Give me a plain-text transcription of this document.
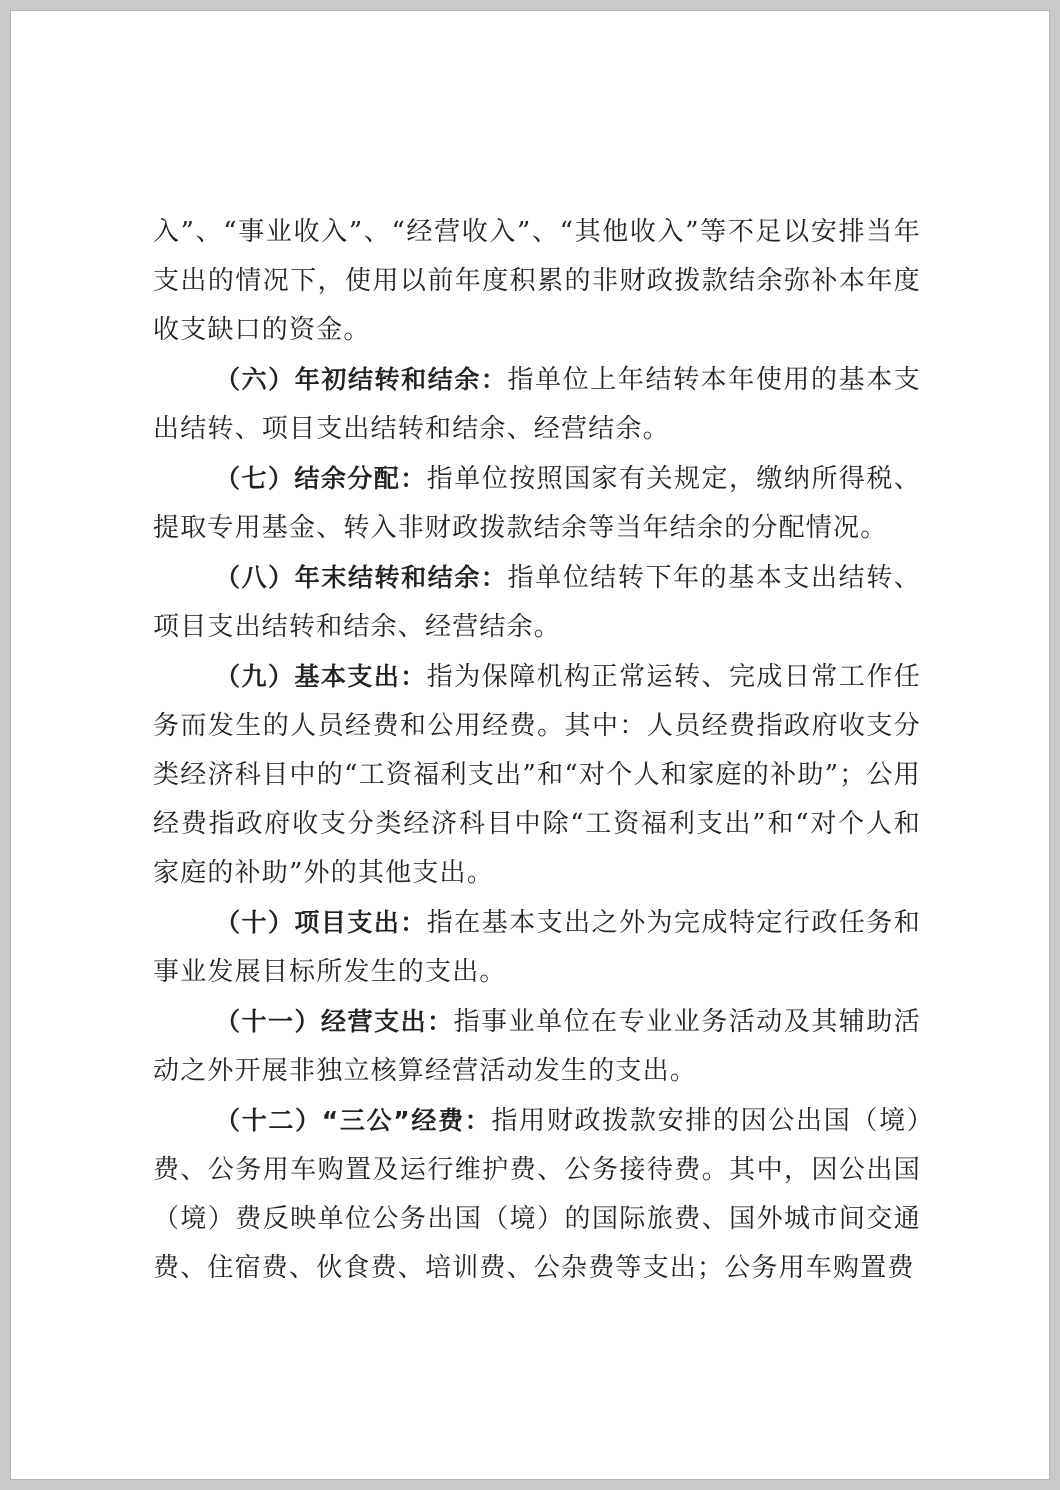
入”、“事业收入”、“经营收入”、“其他收入”等不足以安排当年支出的情况下，使用以前年度积累的非财政拨款结余弥补本年度收支缺口的资金。

（六）年初结转和结余：指单位上年结转本年使用的基本支出结转、项目支出结转和结余、经营结余。

（七）结余分配：指单位按照国家有关规定，缴纳所得税、提取专用基金、转入非财政拨款结余等当年结余的分配情况。

（八）年末结转和结余：指单位结转下年的基本支出结转、项目支出结转和结余、经营结余。

（九）基本支出：指为保障机构正常运转、完成日常工作任务而发生的人员经费和公用经费。其中：人员经费指政府收支分类经济科目中的“工资福利支出”和“对个人和家庭的补助”；公用经费指政府收支分类经济科目中除“工资福利支出”和“对个人和家庭的补助”外的其他支出。

（十）项目支出：指在基本支出之外为完成特定行政任务和事业发展目标所发生的支出。

（十一）经营支出：指事业单位在专业业务活动及其辅助活动之外开展非独立核算经营活动发生的支出。

（十二）“三公”经费：指用财政拨款安排的因公出国（境）费、公务用车购置及运行维护费、公务接待费。其中，因公出国（境）费反映单位公务出国（境）的国际旅费、国外城市间交通费、住宿费、伙食费、培训费、公杂费等支出；公务用车购置费
